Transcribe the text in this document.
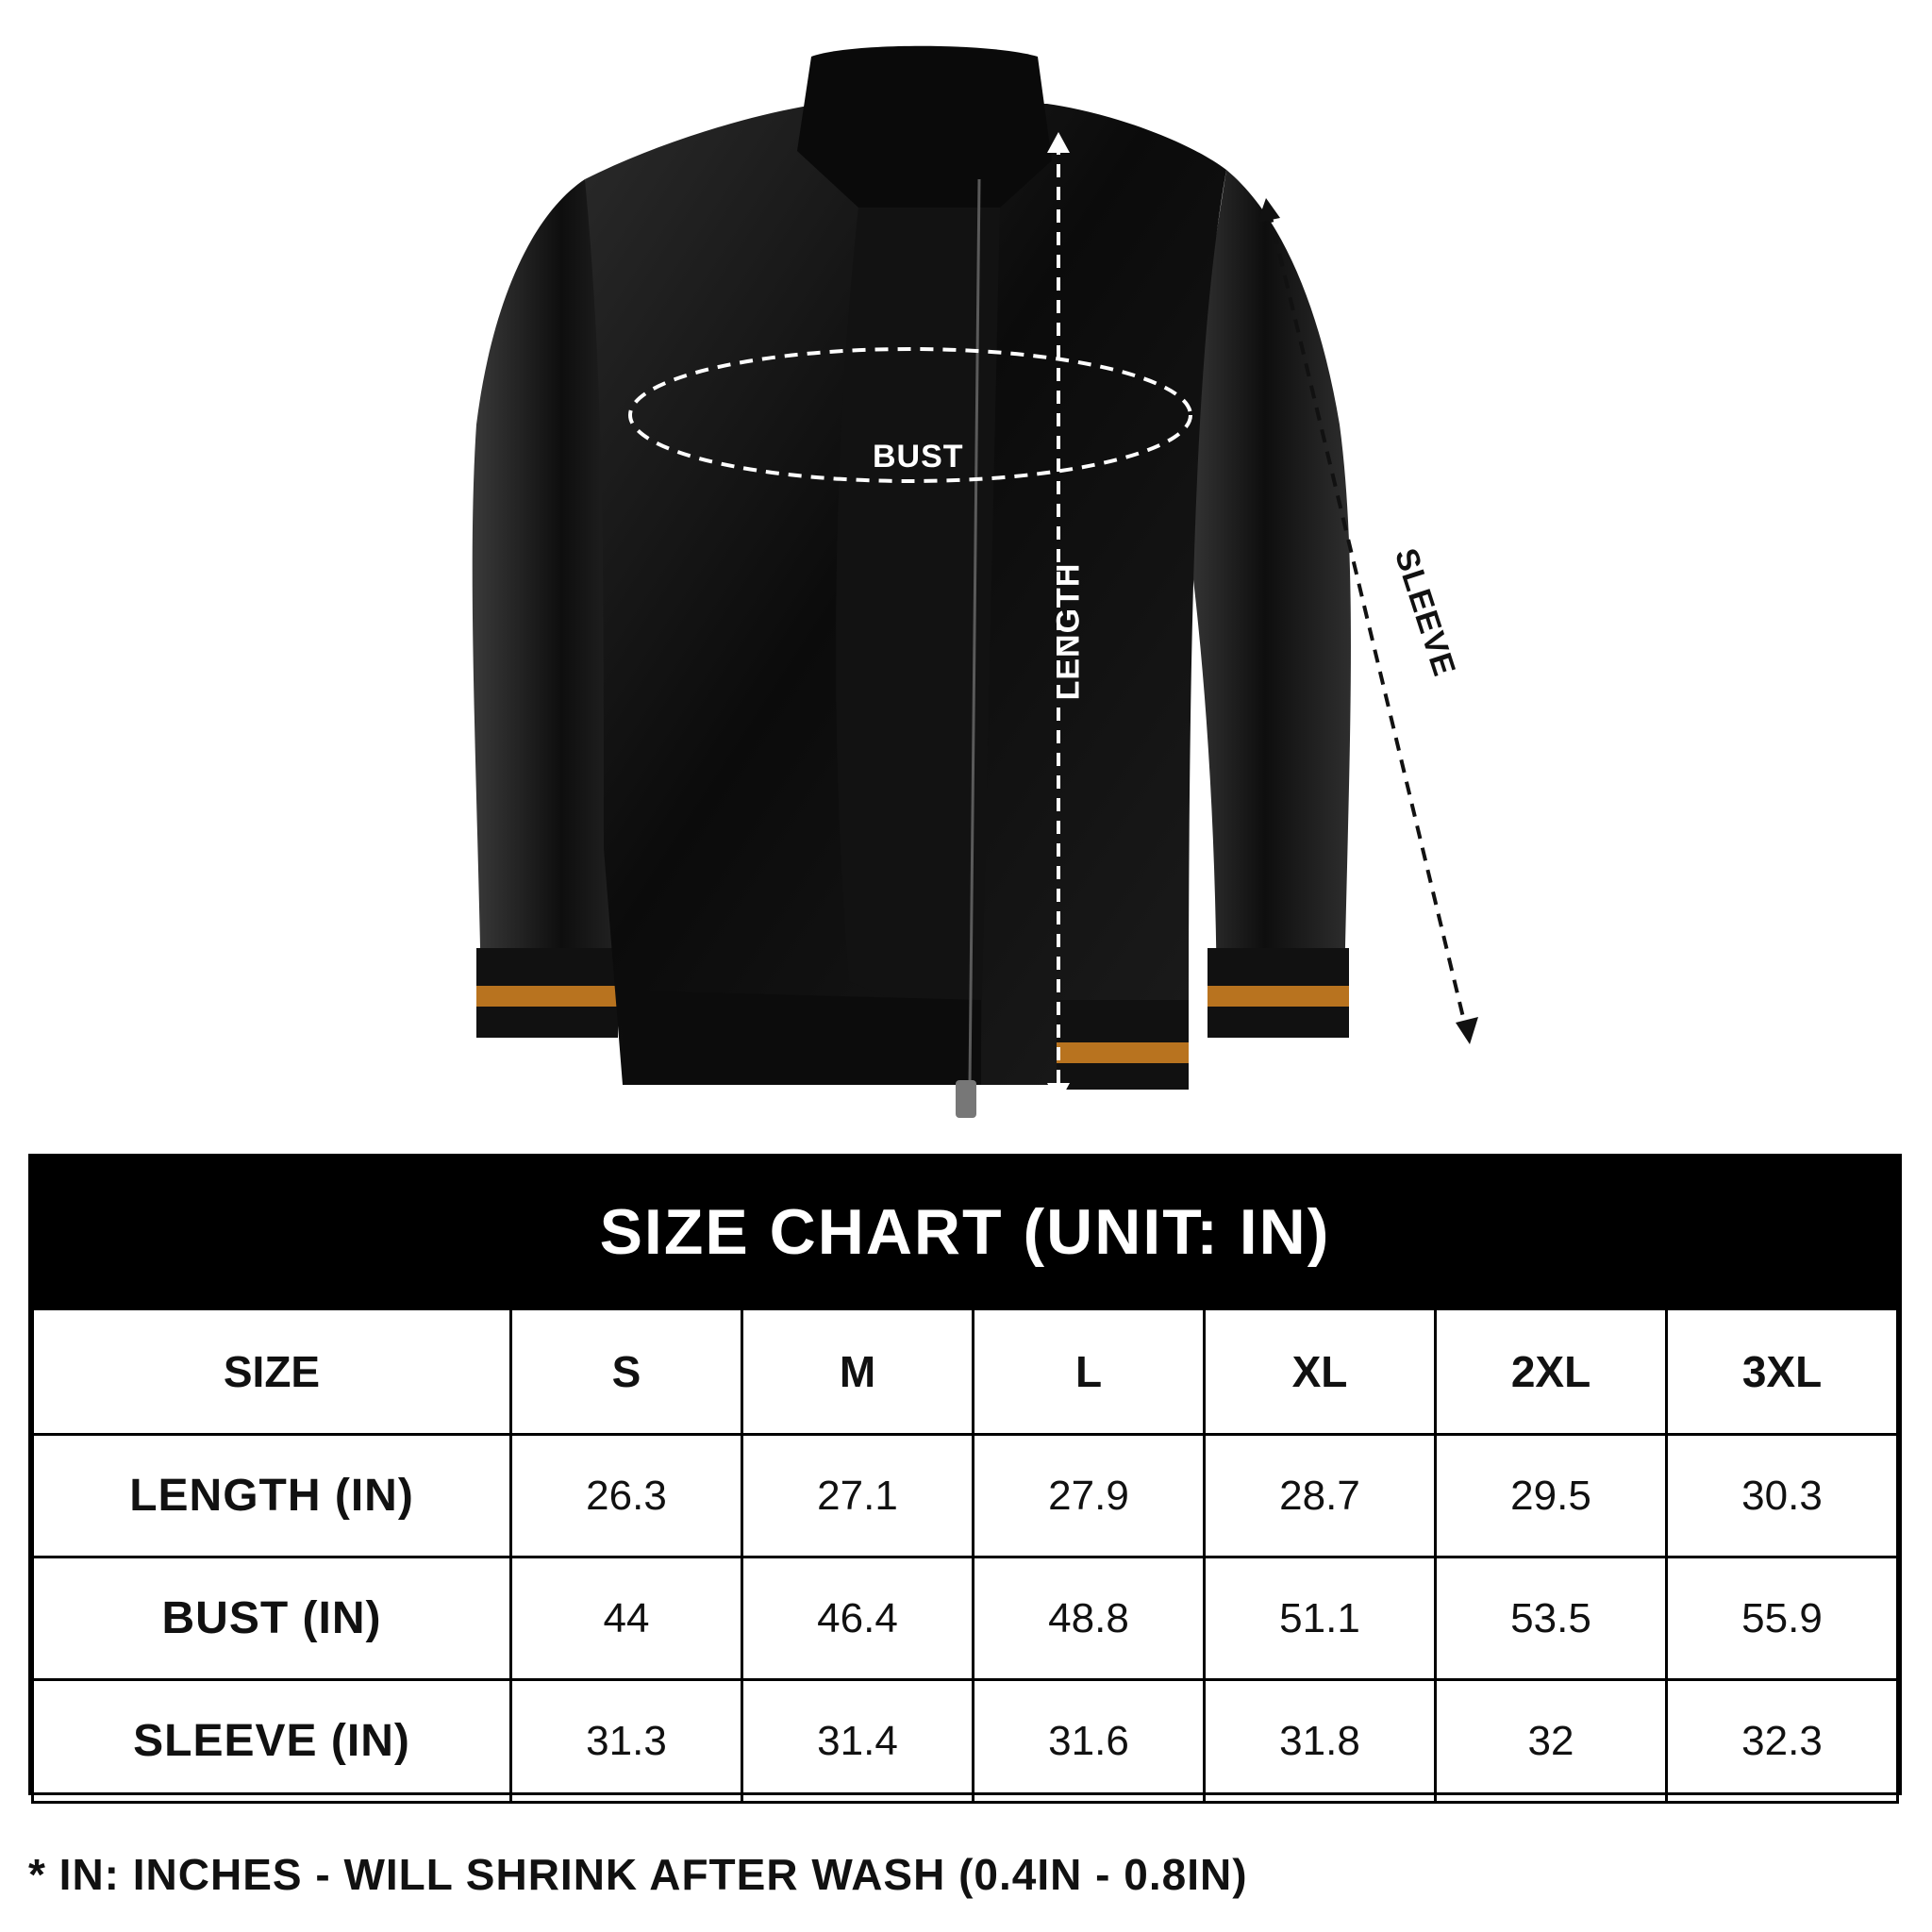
BUST
LENGTH	SLEEVE
SIZE CHART (UNIT: IN)
SIZE	S	M	L	XL	2XL	3XL
LENGTH (IN)	26.3	27.1	27.9	28.7	29.5	30.3
BUST (IN)	44	46.4	48.8	51.1	53.5	55.9
SLEEVE (IN)	31.3	31.4	31.6	31.8	32	32.3
* IN: INCHES - WILL SHRINK AFTER WASH (0.4IN - 0.8IN)
